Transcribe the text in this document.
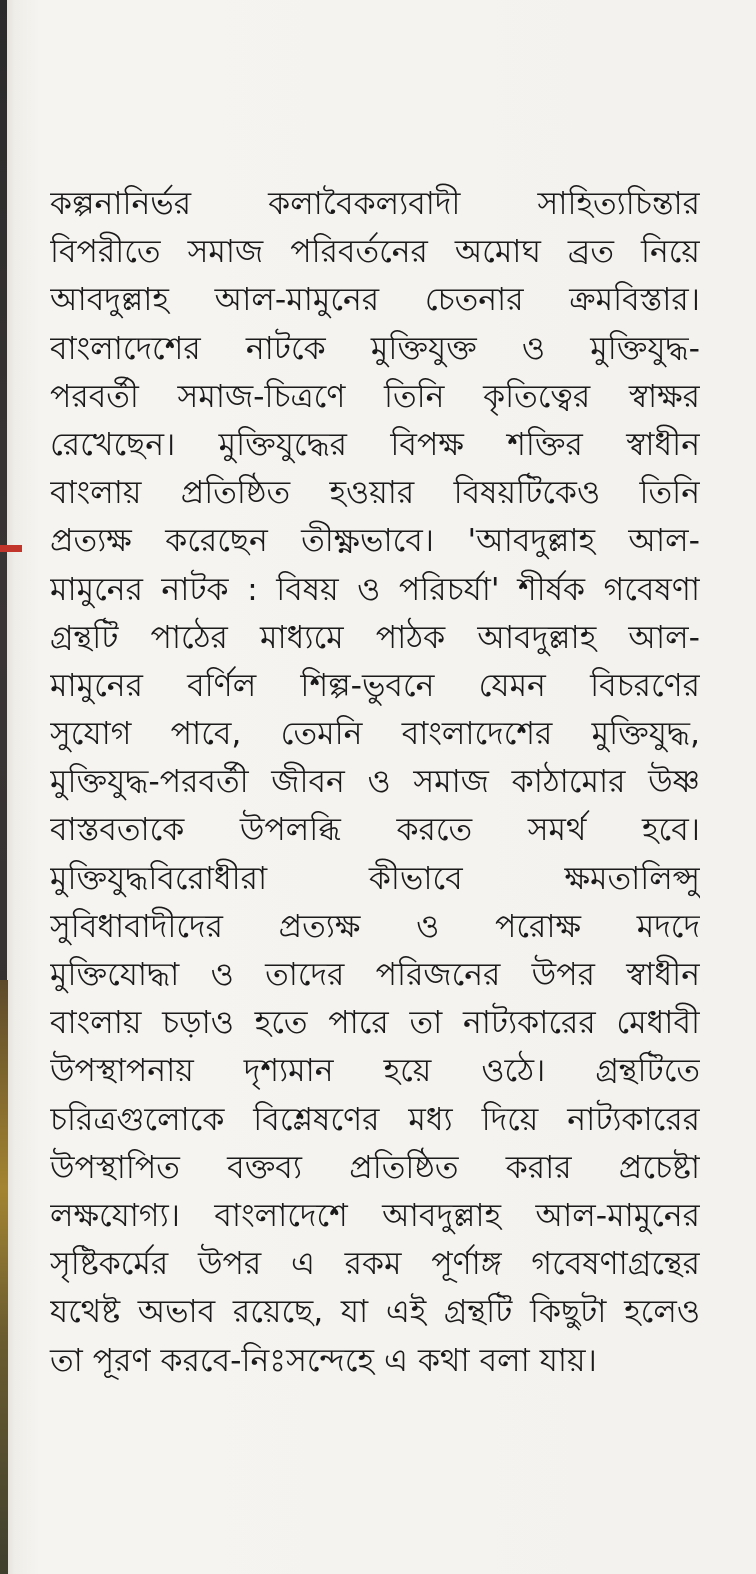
কল্পনানির্ভর কলাবৈকল্যবাদী সাহিত্যচিন্তার
বিপরীতে সমাজ পরিবর্তনের অমোঘ ব্রত নিয়ে
আবদুল্লাহ আল-মামুনের চেতনার ক্রমবিস্তার।
বাংলাদেশের নাটকে মুক্তিযুক্ত ও মুক্তিযুদ্ধ-
পরবর্তী সমাজ-চিত্রণে তিনি কৃতিত্বের স্বাক্ষর
রেখেছেন। মুক্তিযুদ্ধের বিপক্ষ শক্তির স্বাধীন
বাংলায় প্রতিষ্ঠিত হওয়ার বিষয়টিকেও তিনি
প্রত্যক্ষ করেছেন তীক্ষ্ণভাবে। 'আবদুল্লাহ আল-
মামুনের নাটক : বিষয় ও পরিচর্যা' শীর্ষক গবেষণা
গ্রন্থটি পাঠের মাধ্যমে পাঠক আবদুল্লাহ আল-
মামুনের বর্ণিল শিল্প-ভুবনে যেমন বিচরণের
সুযোগ পাবে, তেমনি বাংলাদেশের মুক্তিযুদ্ধ,
মুক্তিযুদ্ধ-পরবর্তী জীবন ও সমাজ কাঠামোর উষ্ণ
বাস্তবতাকে উপলব্ধি করতে সমর্থ হবে।
মুক্তিযুদ্ধবিরোধীরা কীভাবে ক্ষমতালিপ্সু
সুবিধাবাদীদের প্রত্যক্ষ ও পরোক্ষ মদদে
মুক্তিযোদ্ধা ও তাদের পরিজনের উপর স্বাধীন
বাংলায় চড়াও হতে পারে তা নাট্যকারের মেধাবী
উপস্থাপনায় দৃশ্যমান হয়ে ওঠে। গ্রন্থটিতে
চরিত্রগুলোকে বিশ্লেষণের মধ্য দিয়ে নাট্যকারের
উপস্থাপিত বক্তব্য প্রতিষ্ঠিত করার প্রচেষ্টা
লক্ষযোগ্য। বাংলাদেশে আবদুল্লাহ আল-মামুনের
সৃষ্টিকর্মের উপর এ রকম পূর্ণাঙ্গ গবেষণাগ্রন্থের
যথেষ্ট অভাব রয়েছে, যা এই গ্রন্থটি কিছুটা হলেও
তা পূরণ করবে-নিঃসন্দেহে এ কথা বলা যায়।
